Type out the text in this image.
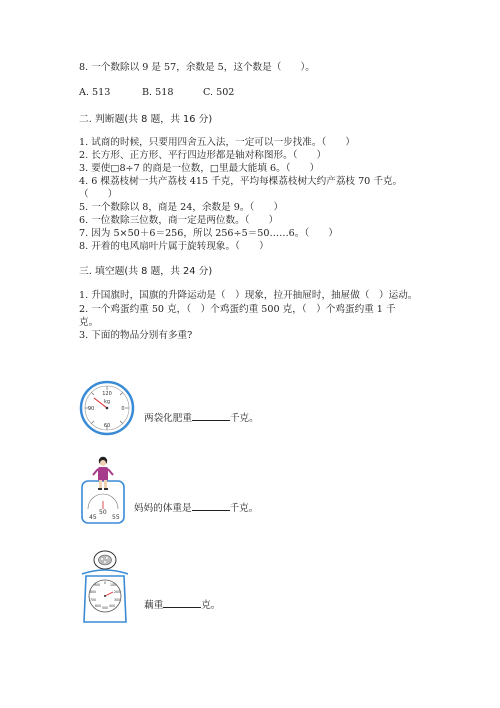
8. 一个数除以 9 是 57，余数是 5，这个数是（　　）。
A. 513	B. 518	C. 502
二. 判断题(共 8 题，共 16 分)
1. 试商的时候，只要用四舍五入法，一定可以一步找准。（　　）
2. 长方形、正方形、平行四边形都是轴对称图形。（　　）
3. 要使□8÷7 的商是一位数，□里最大能填 6。（　　）
4. 6 棵荔枝树一共产荔枝 415 千克，平均每棵荔枝树大约产荔枝 70 千克。
（　　）
5. 一个数除以 8，商是 24，余数是 9。（　　）
6. 一位数除三位数，商一定是两位数。（　　）
7. 因为 5×50＋6＝256，所以 256÷5＝50……6。（　　）
8. 开着的电风扇叶片属于旋转现象。（　　）
三. 填空题(共 8 题，共 24 分)
1. 升国旗时，国旗的升降运动是（　）现象，拉开抽屉时，抽屉做（　）运动。
2. 一个鸡蛋约重 50 克，（　）个鸡蛋约重 500 克，（　）个鸡蛋约重 1 千
克。
3. 下面的物品分别有多重?
120
90
60
0
kg
两袋化肥重	千克。
45
50
55
妈妈的体重是	千克。
0 100
200
300
400
500
600
700
800
900
藕重	克。
